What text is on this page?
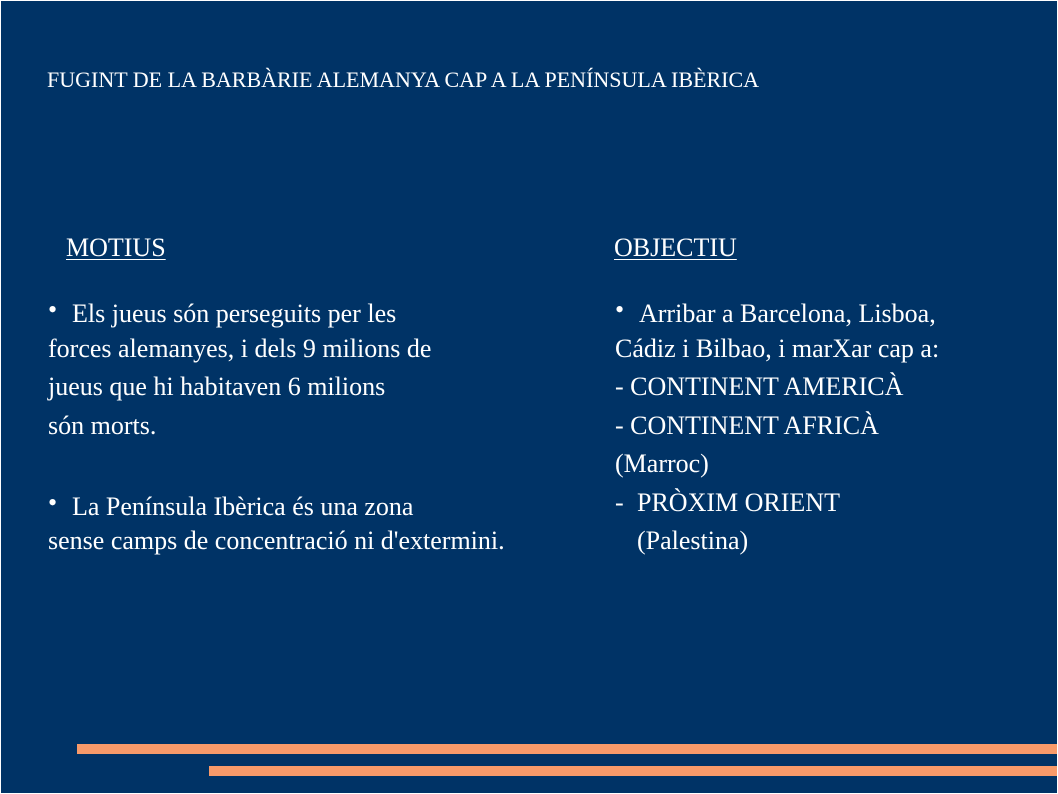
FUGINT DE LA BARBÀRIE ALEMANYA CAP A LA PENÍNSULA IBÈRICA
MOTIUS	OBJECTIU
• Els jueus són perseguits per les
forces alemanyes, i dels 9 milions de
jueus que hi habitaven 6 milions
són morts.
• La Península Ibèrica és una zona
sense camps de concentració ni d'extermini.
• Arribar a Barcelona, Lisboa,
Cádiz i Bilbao, i marXar cap a:
- CONTINENT AMERICÀ
- CONTINENT AFRICÀ
(Marroc)
- PRÒXIM ORIENT
(Palestina)
